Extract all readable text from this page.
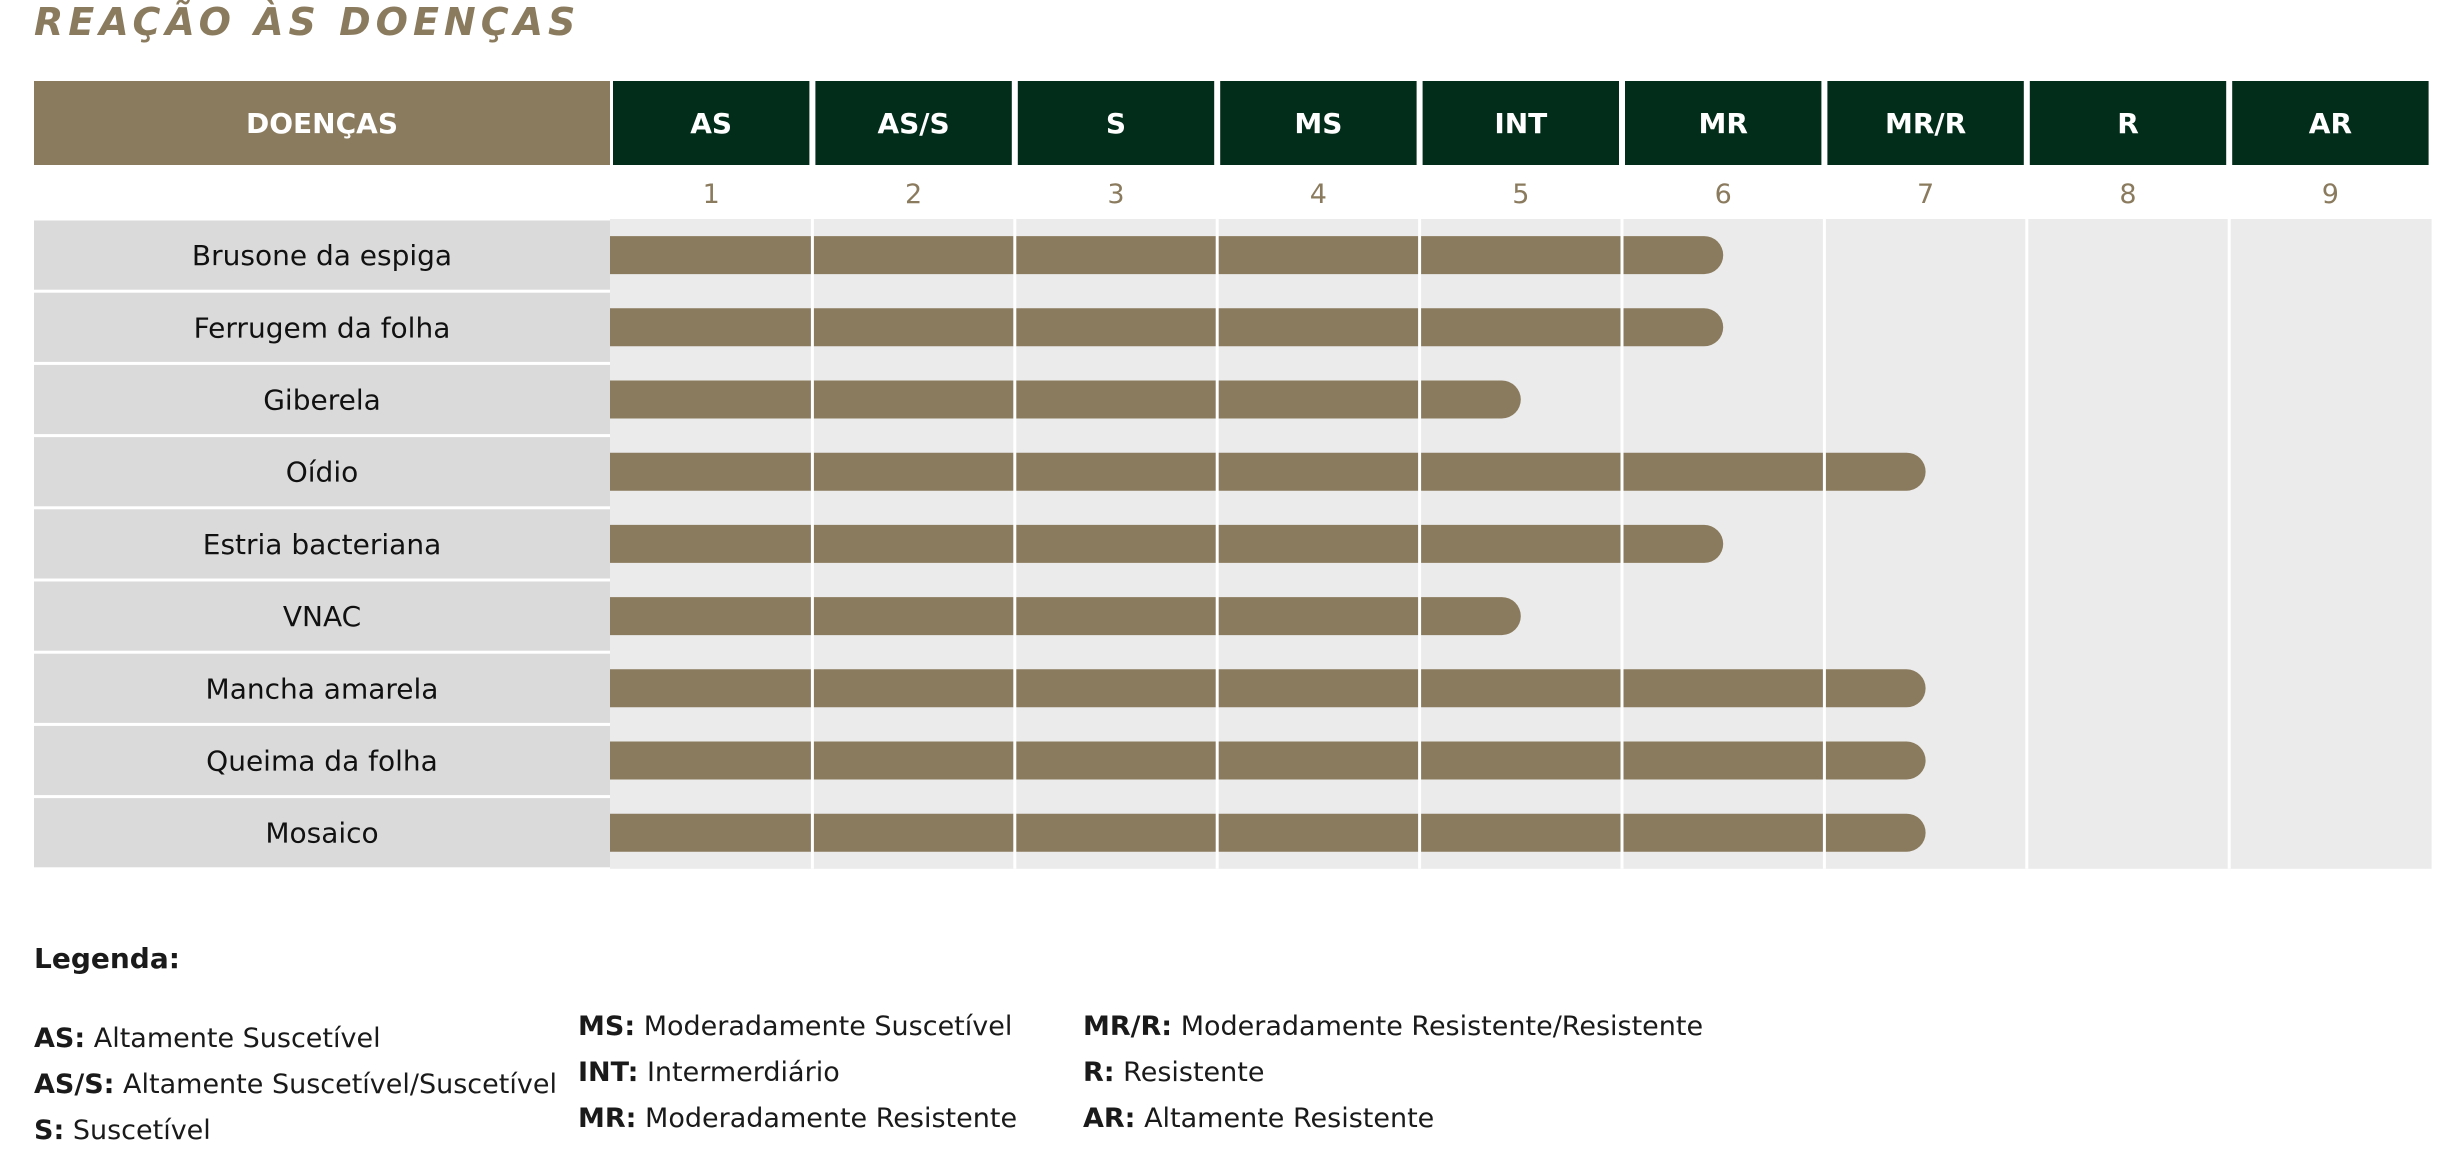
REAÇÃO ÀS DOENÇAS
DOENÇAS	AS
1
AS/S
2
S
3
MS
4
INT
5
MR
6
MR/R
7
R
8
AR
9
Brusone da espiga
Ferrugem da folha
Giberela
Oídio
Estria bacteriana
VNAC
Mancha amarela
Queima da folha
Mosaico
Legenda:
AS: Altamente Suscetível
AS/S: Altamente Suscetível/Suscetível
S: Suscetível
MS: Moderadamente Suscetível
INT: Intermerdiário
MR: Moderadamente Resistente
MR/R: Moderadamente Resistente/Resistente
R: Resistente
AR: Altamente Resistente
